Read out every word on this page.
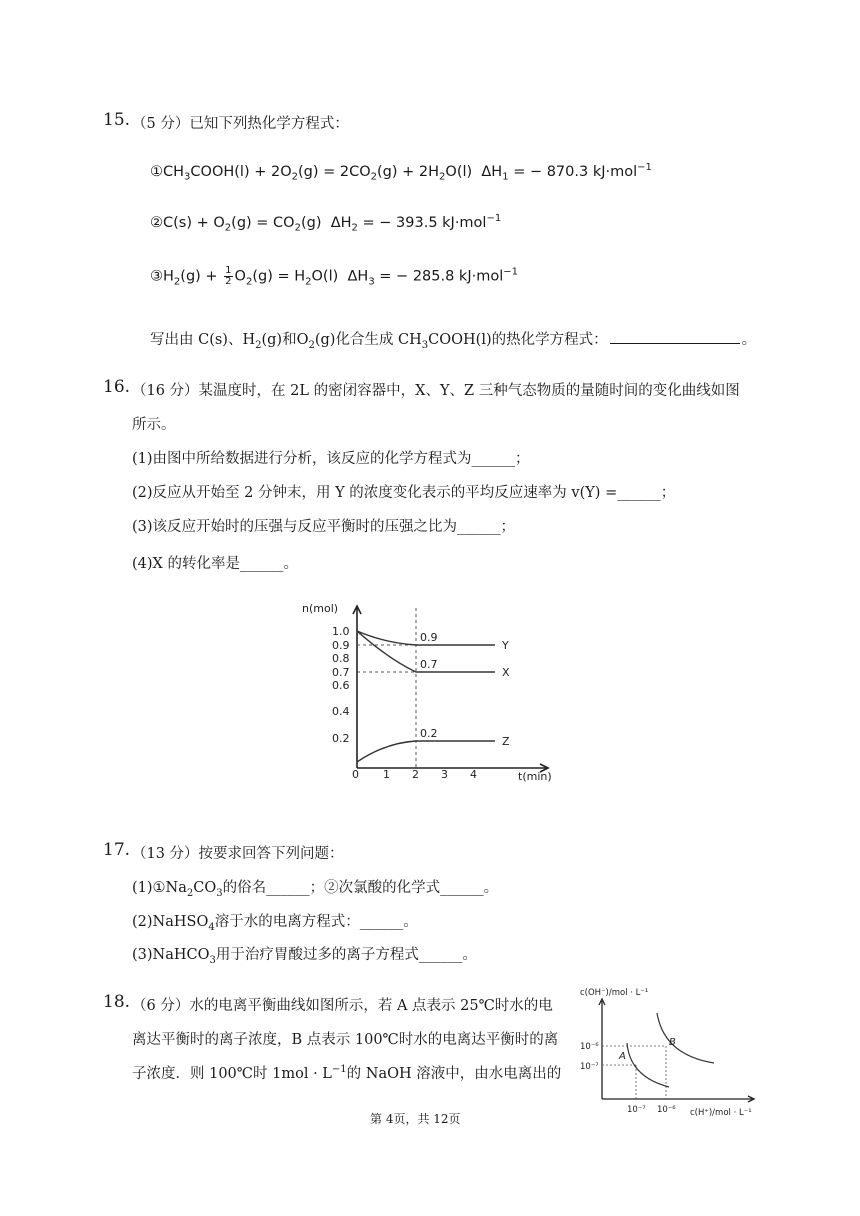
15. （5 分）已知下列热化学方程式：
$①CH_3COOH(l) + 2O_2(g) = 2CO_2(g) + 2H_2O(l) \Delta H_1$ = − 870.3 kJ·mol$^{-1}$
②C(s) + $O_2(g) = CO_2(g) \Delta H_2$ = − 393.5 kJ·mol$^{-1}$
$③H_2(g) + \frac{1}{2} O_2(g) = H_2O(l) \Delta H_3$ = − 285.8 kJ·mol$^{-1}$
写出由 C(s)、$H_2(g)$和$O_2(g)$化合生成 $CH_3COOH(l)$的热化学方程式：	。
16. （16 分）某温度时，在 2L 的密闭容器中，X、Y、Z 三种气态物质的量随时间的变化曲线如图
所示。
(1)由图中所给数据进行分析，该反应的化学方程式为______；
(2)反应从开始至 2 分钟末，用 Y 的浓度变化表示的平均反应速率为 v(Y) =______；
(3)该反应开始时的压强与反应平衡时的压强之比为______；
(4)X 的转化率是______。
n(mol)
t(min)
1.0
0.9
0.8
0.7
0.6
0.4
0.2
0 1 2 3 4
0.9
0.7
0.2
Y
X
Z
17. （13 分）按要求回答下列问题：
$(1)①Na_2CO_3$的俗名______；②次氯酸的化学式______。
(2)NaHSO$_4$溶于水的电离方程式：______。
(3)NaHCO$_3$用于治疗胃酸过多的离子方程式______。
18. （6 分）水的电离平衡曲线如图所示，若 A 点表示 25℃时水的电
离达平衡时的离子浓度，B 点表示 100℃时水的电离达平衡时的离
子浓度．则 100℃时 $1mol \cdot L^{-1}$的 NaOH 溶液中，由水电离出的
c(OH⁻)/mol · L⁻¹
c(H⁺)/mol · L⁻¹
10⁻⁶
10⁻⁷
10⁻⁷ 10⁻⁶
A
B
第 4页，共 12页
